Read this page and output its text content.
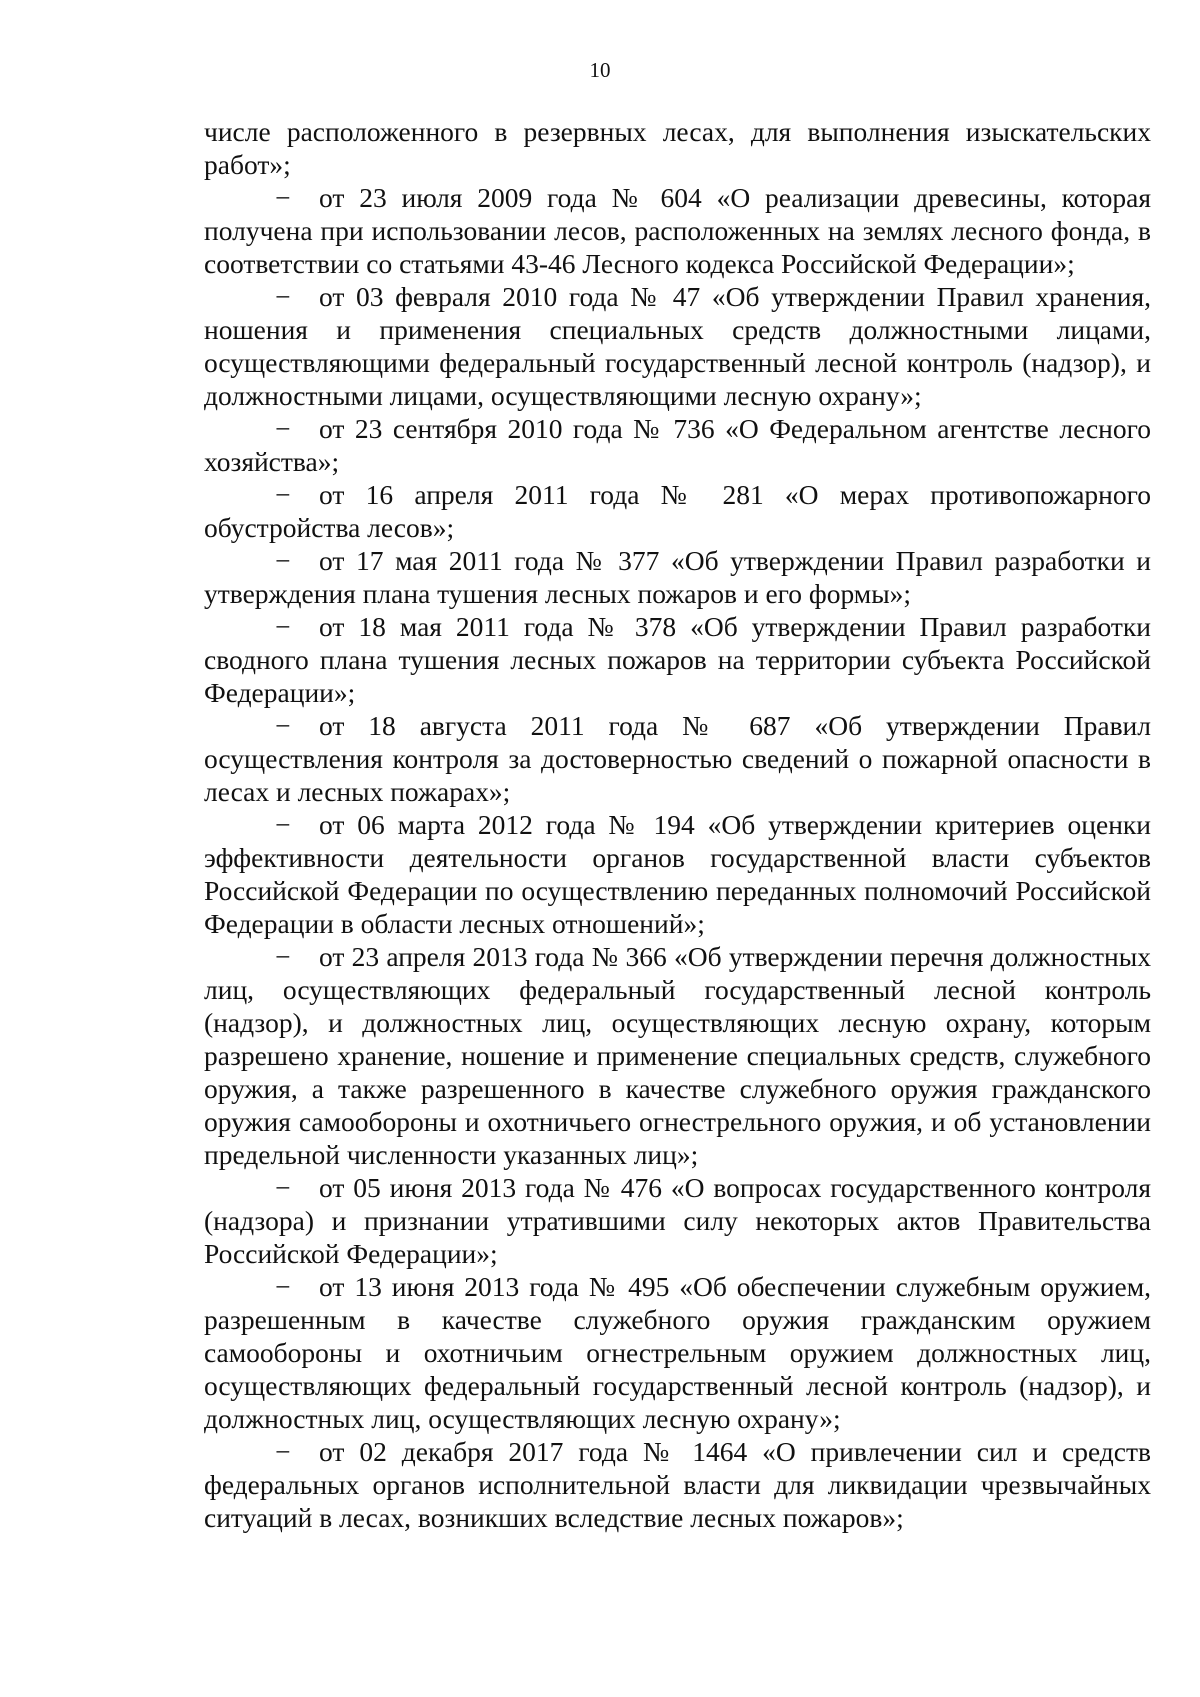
10

числе расположенного в резервных лесах, для выполнения изыскательских работ»;

− от 23 июля 2009 года № 604 «О реализации древесины, которая получена при использовании лесов, расположенных на землях лесного фонда, в соответствии со статьями 43-46 Лесного кодекса Российской Федерации»;

− от 03 февраля 2010 года № 47 «Об утверждении Правил хранения, ношения и применения специальных средств должностными лицами, осуществляющими федеральный государственный лесной контроль (надзор), и должностными лицами, осуществляющими лесную охрану»;

− от 23 сентября 2010 года № 736 «О Федеральном агентстве лесного хозяйства»;

− от 16 апреля 2011 года № 281 «О мерах противопожарного обустройства лесов»;

− от 17 мая 2011 года № 377 «Об утверждении Правил разработки и утверждения плана тушения лесных пожаров и его формы»;

− от 18 мая 2011 года № 378 «Об утверждении Правил разработки сводного плана тушения лесных пожаров на территории субъекта Российской Федерации»;

− от 18 августа 2011 года № 687 «Об утверждении Правил осуществления контроля за достоверностью сведений о пожарной опасности в лесах и лесных пожарах»;

− от 06 марта 2012 года № 194 «Об утверждении критериев оценки эффективности деятельности органов государственной власти субъектов Российской Федерации по осуществлению переданных полномочий Российской Федерации в области лесных отношений»;

− от 23 апреля 2013 года № 366 «Об утверждении перечня должностных лиц, осуществляющих федеральный государственный лесной контроль (надзор), и должностных лиц, осуществляющих лесную охрану, которым разрешено хранение, ношение и применение специальных средств, служебного оружия, а также разрешенного в качестве служебного оружия гражданского оружия самообороны и охотничьего огнестрельного оружия, и об установлении предельной численности указанных лиц»;

− от 05 июня 2013 года № 476 «О вопросах государственного контроля (надзора) и признании утратившими силу некоторых актов Правительства Российской Федерации»;

− от 13 июня 2013 года № 495 «Об обеспечении служебным оружием, разрешенным в качестве служебного оружия гражданским оружием самообороны и охотничьим огнестрельным оружием должностных лиц, осуществляющих федеральный государственный лесной контроль (надзор), и должностных лиц, осуществляющих лесную охрану»;

− от 02 декабря 2017 года № 1464 «О привлечении сил и средств федеральных органов исполнительной власти для ликвидации чрезвычайных ситуаций в лесах, возникших вследствие лесных пожаров»;
